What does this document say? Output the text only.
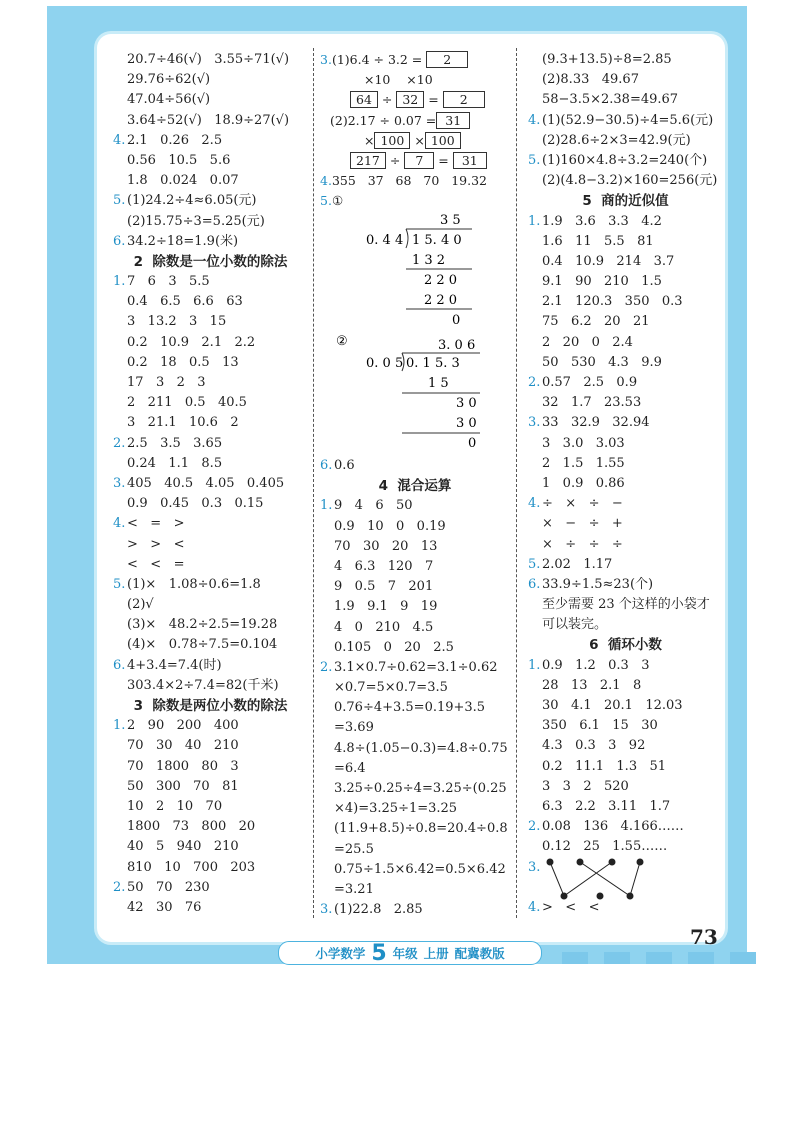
20.7÷46(√)   3.55÷71(√)
29.76÷62(√)
47.04÷56(√)
3.64÷52(√)   18.9÷27(√)
4. 2.1   0.26   2.5
0.56   10.5   5.6
1.8   0.024   0.07
5. (1)24.2÷4≈6.05(元)
(2)15.75÷3=5.25(元)
6. 34.2÷18=1.9(米)
2  除数是一位小数的除法
1. 7   6   3   5.5
0.4   6.5   6.6   63
3   13.2   3   15
0.2   10.9   2.1   2.2
0.2   18   0.5   13
17   3   2   3
2   211   0.5   40.5
3   21.1   10.6   2
2. 2.5   3.5   3.65
0.24   1.1   8.5
3. 405   40.5   4.05   0.405
0.9   0.45   0.3   0.15
4. <   =   >
>   >   <
<   <   =
5. (1)×   1.08÷0.6=1.8
(2)√
(3)×   48.2÷2.5=19.28
(4)×   0.78÷7.5=0.104
6. 4+3.4=7.4(时)
303.4×2÷7.4=82(千米)
3  除数是两位小数的除法
1. 2   90   200   400
70   30   40   210
70   1800   80   3
50   300   70   81
10   2   10   70
1800   73   800   20
40   5   940   210
810   10   700   203
2. 50   70   230
42   30   76
3.(1)6.4 ÷ 3.2 = 2
×10    ×10
64 ÷ 32 = 2
(2)2.17 ÷ 0.07 = 31
× 100 × 100
217 ÷ 7 = 31
4.355   37   68   70   19.32
5.①
3 5
0. 4 4 1 5. 4 0
1 3 2
2 2 0
2 2 0
0
②	3. 0 6
0. 0 5 0. 1 5. 3
1 5
3 0
3 0
0
6. 0.6
4  混合运算
1. 9   4   6   50
0.9   10   0   0.19
70   30   20   13
4   6.3   120   7
9   0.5   7   201
1.9   9.1   9   19
4   0   210   4.5
0.105   0   20   2.5
2. 3.1×0.7÷0.62=3.1÷0.62
×0.7=5×0.7=3.5
0.76÷4+3.5=0.19+3.5
=3.69
4.8÷(1.05−0.3)=4.8÷0.75
=6.4
3.25÷0.25÷4=3.25÷(0.25
×4)=3.25÷1=3.25
(11.9+8.5)÷0.8=20.4÷0.8
=25.5
0.75÷1.5×6.42=0.5×6.42
=3.21
3. (1)22.8   2.85
(9.3+13.5)÷8=2.85
(2)8.33   49.67
58−3.5×2.38=49.67
4. (1)(52.9−30.5)÷4=5.6(元)
(2)28.6÷2×3=42.9(元)
5. (1)160×4.8÷3.2=240(个)
(2)(4.8−3.2)×160=256(元)
5  商的近似值
1. 1.9   3.6   3.3   4.2
1.6   11   5.5   81
0.4   10.9   214   3.7
9.1   90   210   1.5
2.1   120.3   350   0.3
75   6.2   20   21
2   20   0   2.4
50   530   4.3   9.9
2. 0.57   2.5   0.9
32   1.7   23.53
3. 33   32.9   32.94
3   3.0   3.03
2   1.5   1.55
1   0.9   0.86
4. ÷   ×   ÷   −
×   −   ÷   +
×   ÷   ÷   ÷
5. 2.02   1.17
6. 33.9÷1.5≈23(个)
至少需要 23 个这样的小袋才
可以装完。
6  循环小数
1. 0.9   1.2   0.3   3
28   13   2.1   8
30   4.1   20.1   12.03
350   6.1   15   30
4.3   0.3   3   92
0.2   11.1   1.3   51
3   3   2   520
6.3   2.2   3.11   1.7
2. 0.08   136   4.166……
0.12   25   1.55……
3.
4. >   <   <
小学数学 5 年级 上册 配冀教版
73
